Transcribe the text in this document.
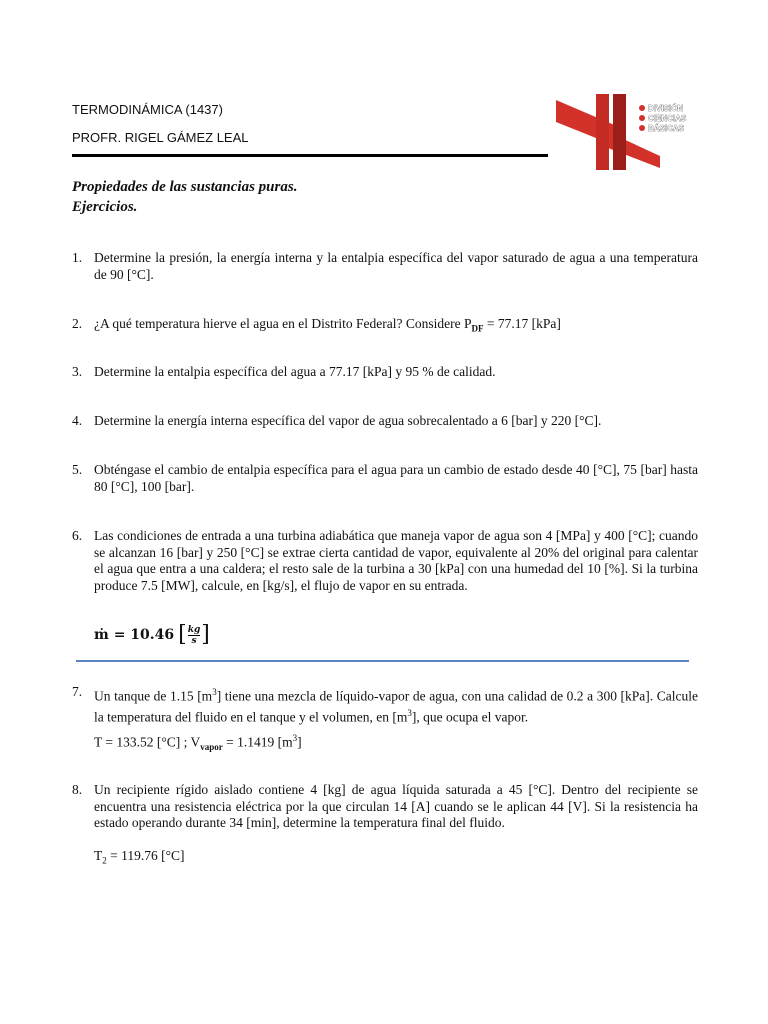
TERMODINÁMICA (1437)
PROFR. RIGEL GÁMEZ LEAL
DIVISIÓN
CIENCIAS
BÁSICAS
Propiedades de las sustancias puras.
Ejercicios.
1. Determine la presión, la energía interna y la entalpia específica del vapor saturado de agua a una temperatura de 90 [°C].
2. ¿A qué temperatura hierve el agua en el Distrito Federal? Considere $P_{DF} = 77.17$ [kPa]
3. Determine la entalpia específica del agua a 77.17 [kPa] y 95 % de calidad.
4. Determine la energía interna específica del vapor de agua sobrecalentado a 6 [bar] y 220 [°C].
5. Obténgase el cambio de entalpia específica para el agua para un cambio de estado desde 40 [°C], 75 [bar] hasta 80 [°C], 100 [bar].
6. Las condiciones de entrada a una turbina adiabática que maneja vapor de agua son 4 [MPa] y 400 [°C]; cuando se alcanzan 16 [bar] y 250 [°C] se extrae cierta cantidad de vapor, equivalente al 20% del original para calentar el agua que entra a una caldera; el resto sale de la turbina a 30 [kPa] con una humedad del 10 [%]. Si la turbina produce 7.5 [MW], calcule, en [kg/s], el flujo de vapor en su entrada.
ṁ = 10.46 [ $\frac{kg}{s}$ ]
7. Un tanque de 1.15 $[m^3]$ tiene una mezcla de líquido-vapor de agua, con una calidad de 0.2 a 300 [kPa]. Calcule la temperatura del fluido en el tanque y el volumen, en $[m^3]$, que ocupa el vapor.
T = 133.52 [°C] ; $V_{vapor} = 1.1419$ $[m^3]$
8. Un recipiente rígido aislado contiene 4 [kg] de agua líquida saturada a 45 [°C]. Dentro del recipiente se encuentra una resistencia eléctrica por la que circulan 14 [A] cuando se le aplican 44 [V]. Si la resistencia ha estado operando durante 34 [min], determine la temperatura final del fluido.
$T_2 = 119.76$ [°C]
